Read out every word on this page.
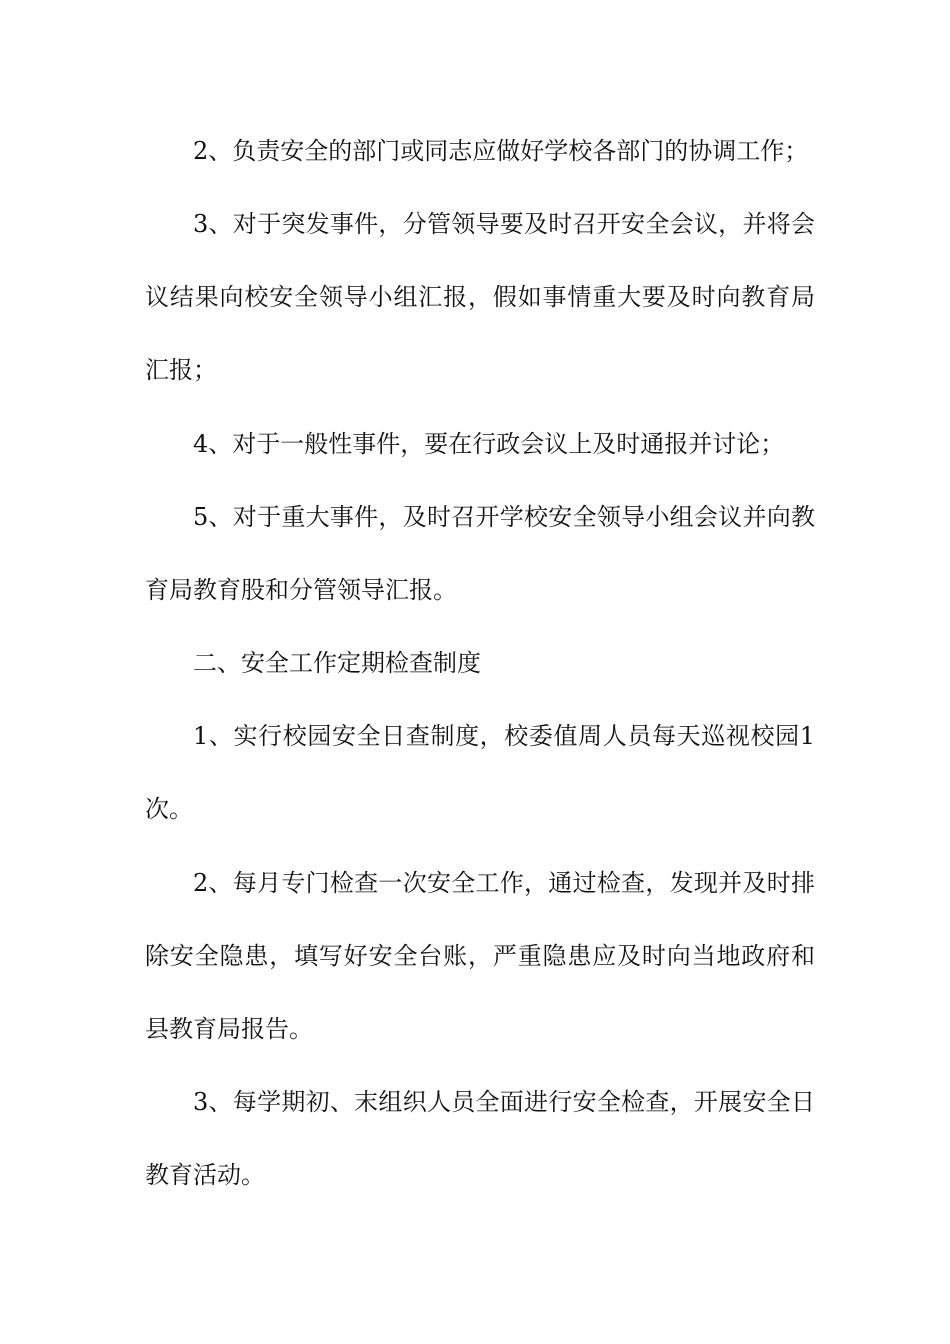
2、负责安全的部门或同志应做好学校各部门的协调工作；

3、对于突发事件，分管领导要及时召开安全会议，并将会议结果向校安全领导小组汇报，假如事情重大要及时向教育局汇报；

4、对于一般性事件，要在行政会议上及时通报并讨论；

5、对于重大事件，及时召开学校安全领导小组会议并向教育局教育股和分管领导汇报。

二、安全工作定期检查制度

1、实行校园安全日查制度，校委值周人员每天巡视校园1次。

2、每月专门检查一次安全工作，通过检查，发现并及时排除安全隐患，填写好安全台账，严重隐患应及时向当地政府和县教育局报告。

3、每学期初、末组织人员全面进行安全检查，开展安全日教育活动。
